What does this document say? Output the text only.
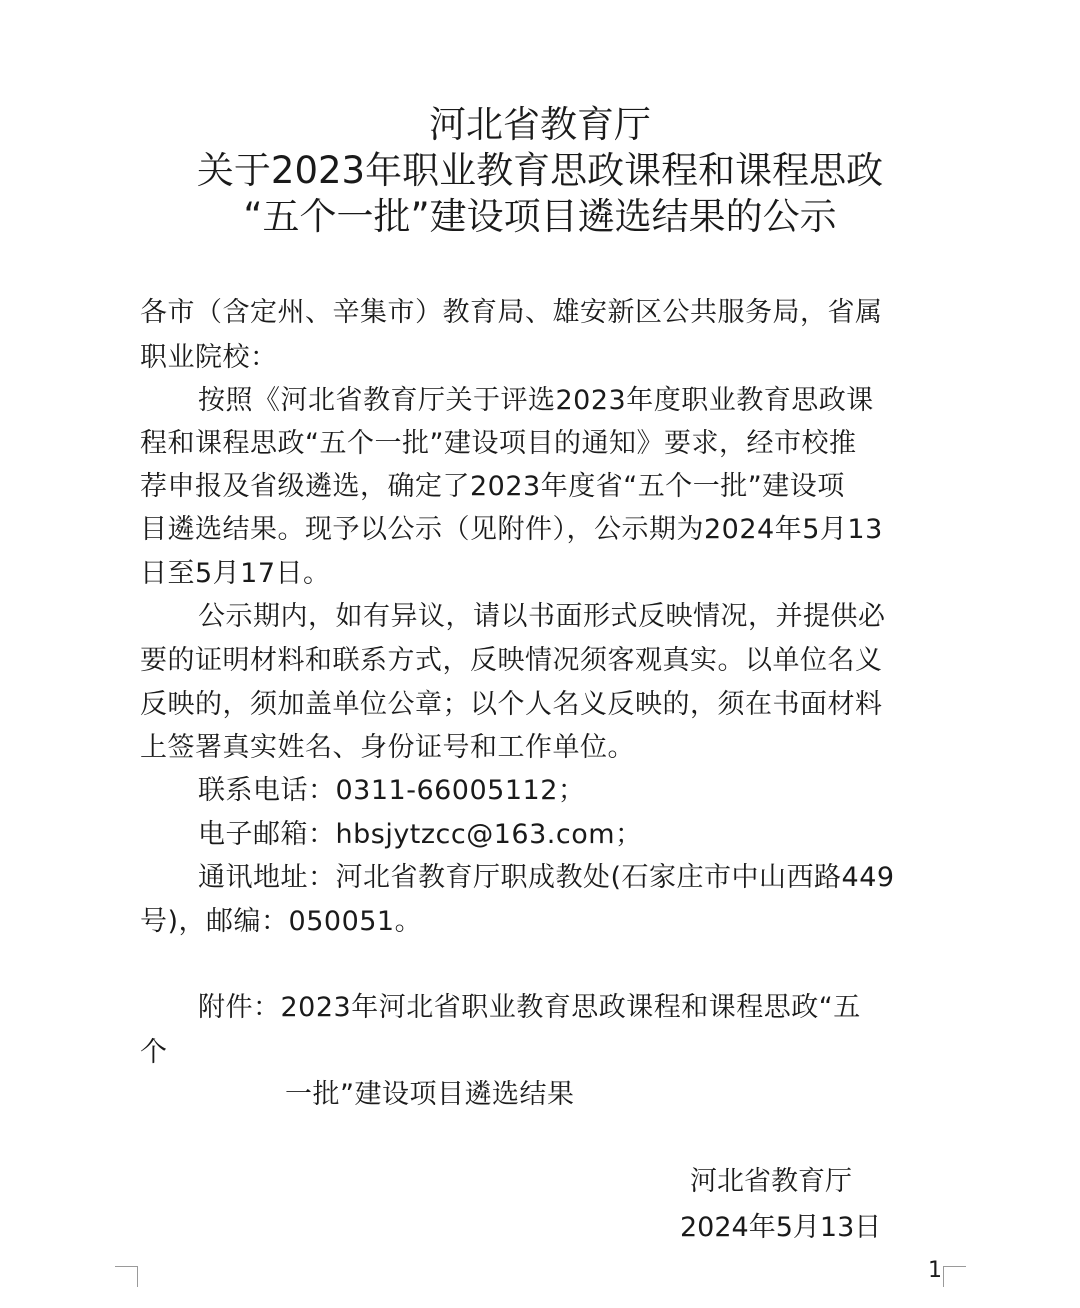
河北省教育厅
关于2023年职业教育思政课程和课程思政
“五个一批”建设项目遴选结果的公示
各市（含定州、辛集市）教育局、雄安新区公共服务局，省属
职业院校：
按照《河北省教育厅关于评选2023年度职业教育思政课
程和课程思政“五个一批”建设项目的通知》要求，经市校推
荐申报及省级遴选，确定了2023年度省“五个一批”建设项
目遴选结果。现予以公示（见附件），公示期为2024年5月13
日至5月17日。
公示期内，如有异议，请以书面形式反映情况，并提供必
要的证明材料和联系方式，反映情况须客观真实。以单位名义
反映的，须加盖单位公章；以个人名义反映的，须在书面材料
上签署真实姓名、身份证号和工作单位。
联系电话：0311-66005112；
电子邮箱：hbsjytzcc@163.com；
通讯地址：河北省教育厅职成教处(石家庄市中山西路449
号)，邮编：050051。
附件：2023年河北省职业教育思政课程和课程思政“五
个
一批”建设项目遴选结果
河北省教育厅
2024年5月13日
1
